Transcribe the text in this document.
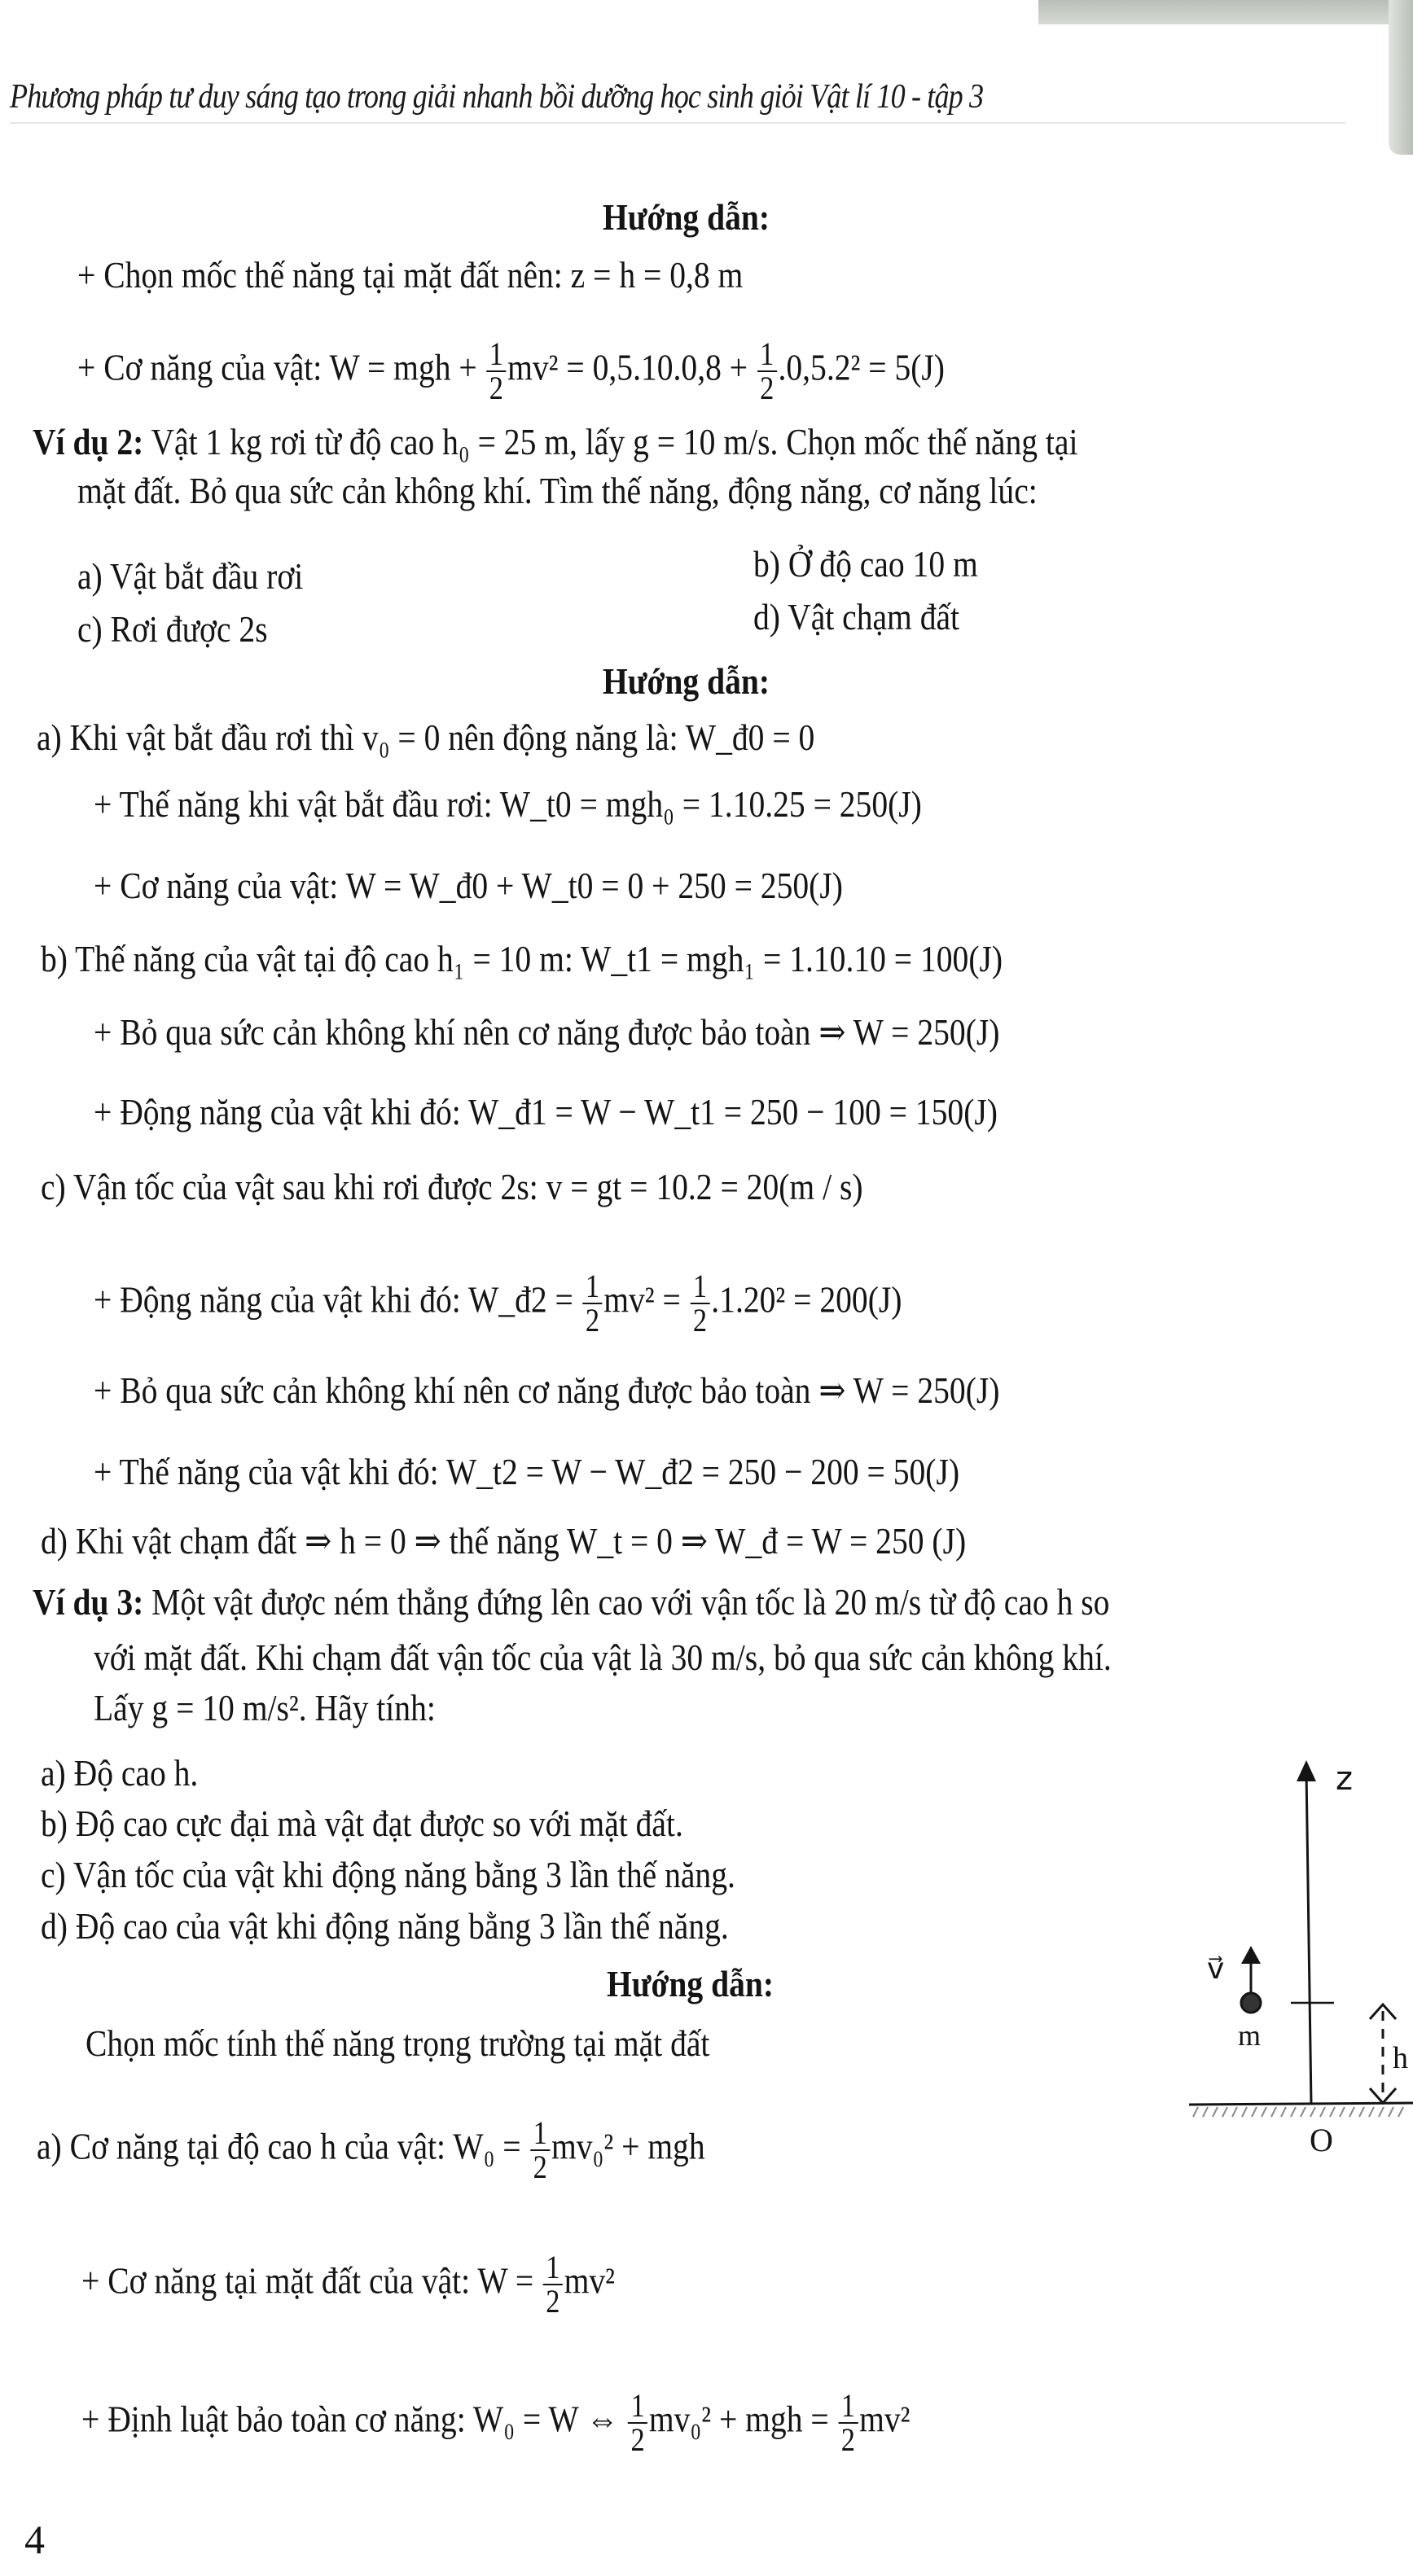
Phương pháp tư duy sáng tạo trong giải nhanh bồi dưỡng học sinh giỏi Vật lí 10 - tập 3
Hướng dẫn:
+ Chọn mốc thế năng tại mặt đất nên: z = h = 0,8 m
+ Cơ năng của vật: W = mgh + $\frac{1}{2} mv^2 = 0,5.10.0,8 + \frac{1}{2} .0,5.2^2 = 5(J)$
Ví dụ 2: Vật 1 kg rơi từ độ cao h₀ = 25 m, lấy g = 10 m/s. Chọn mốc thế năng tại
mặt đất. Bỏ qua sức cản không khí. Tìm thế năng, động năng, cơ năng lúc:
a) Vật bắt đầu rơi	b) Ở độ cao 10 m
c) Rơi được 2s	d) Vật chạm đất
Hướng dẫn:
a) Khi vật bắt đầu rơi thì v₀ = 0 nên động năng là: W_đ0 = 0
+ Thế năng khi vật bắt đầu rơi: W_t0 = mgh₀ = 1.10.25 = 250(J)
+ Cơ năng của vật: W = W_đ0 + W_t0 = 0 + 250 = 250(J)
b) Thế năng của vật tại độ cao h₁ = 10 m: W_t1 = mgh₁ = 1.10.10 = 100(J)
+ Bỏ qua sức cản không khí nên cơ năng được bảo toàn ⇒ W = 250(J)
+ Động năng của vật khi đó: W_đ1 = W − W_t1 = 250 − 100 = 150(J)
c) Vận tốc của vật sau khi rơi được 2s: v = gt = 10.2 = 20(m / s)
+ Động năng của vật khi đó: W_đ2 = $\frac{1}{2} mv^2 = \frac{1}{2} .1.20^2 = 200(J)$
+ Bỏ qua sức cản không khí nên cơ năng được bảo toàn ⇒ W = 250(J)
+ Thế năng của vật khi đó: W_t2 = W − W_đ2 = 250 − 200 = 50(J)
d) Khi vật chạm đất ⇒ h = 0 ⇒ thế năng W_t = 0 ⇒ W_đ = W = 250 (J)
Ví dụ 3: Một vật được ném thẳng đứng lên cao với vận tốc là 20 m/s từ độ cao h so
với mặt đất. Khi chạm đất vận tốc của vật là 30 m/s, bỏ qua sức cản không khí.
Lấy g = 10 m/s². Hãy tính:
a) Độ cao h.
b) Độ cao cực đại mà vật đạt được so với mặt đất.
c) Vận tốc của vật khi động năng bằng 3 lần thế năng.
d) Độ cao của vật khi động năng bằng 3 lần thế năng.
Hướng dẫn:
Chọn mốc tính thế năng trọng trường tại mặt đất
a) Cơ năng tại độ cao h của vật: $W_0 = \frac{1}{2} mv_0^2$ + mgh
+ Cơ năng tại mặt đất của vật: $W = \frac{1}{2} mv^2$
+ Định luật bảo toàn cơ năng: W₀ = W ⇔ $\frac{1}{2} mv_0^2$ + mgh = $\frac{1}{2} mv^2$
z
v⃗
m
h
O
4
